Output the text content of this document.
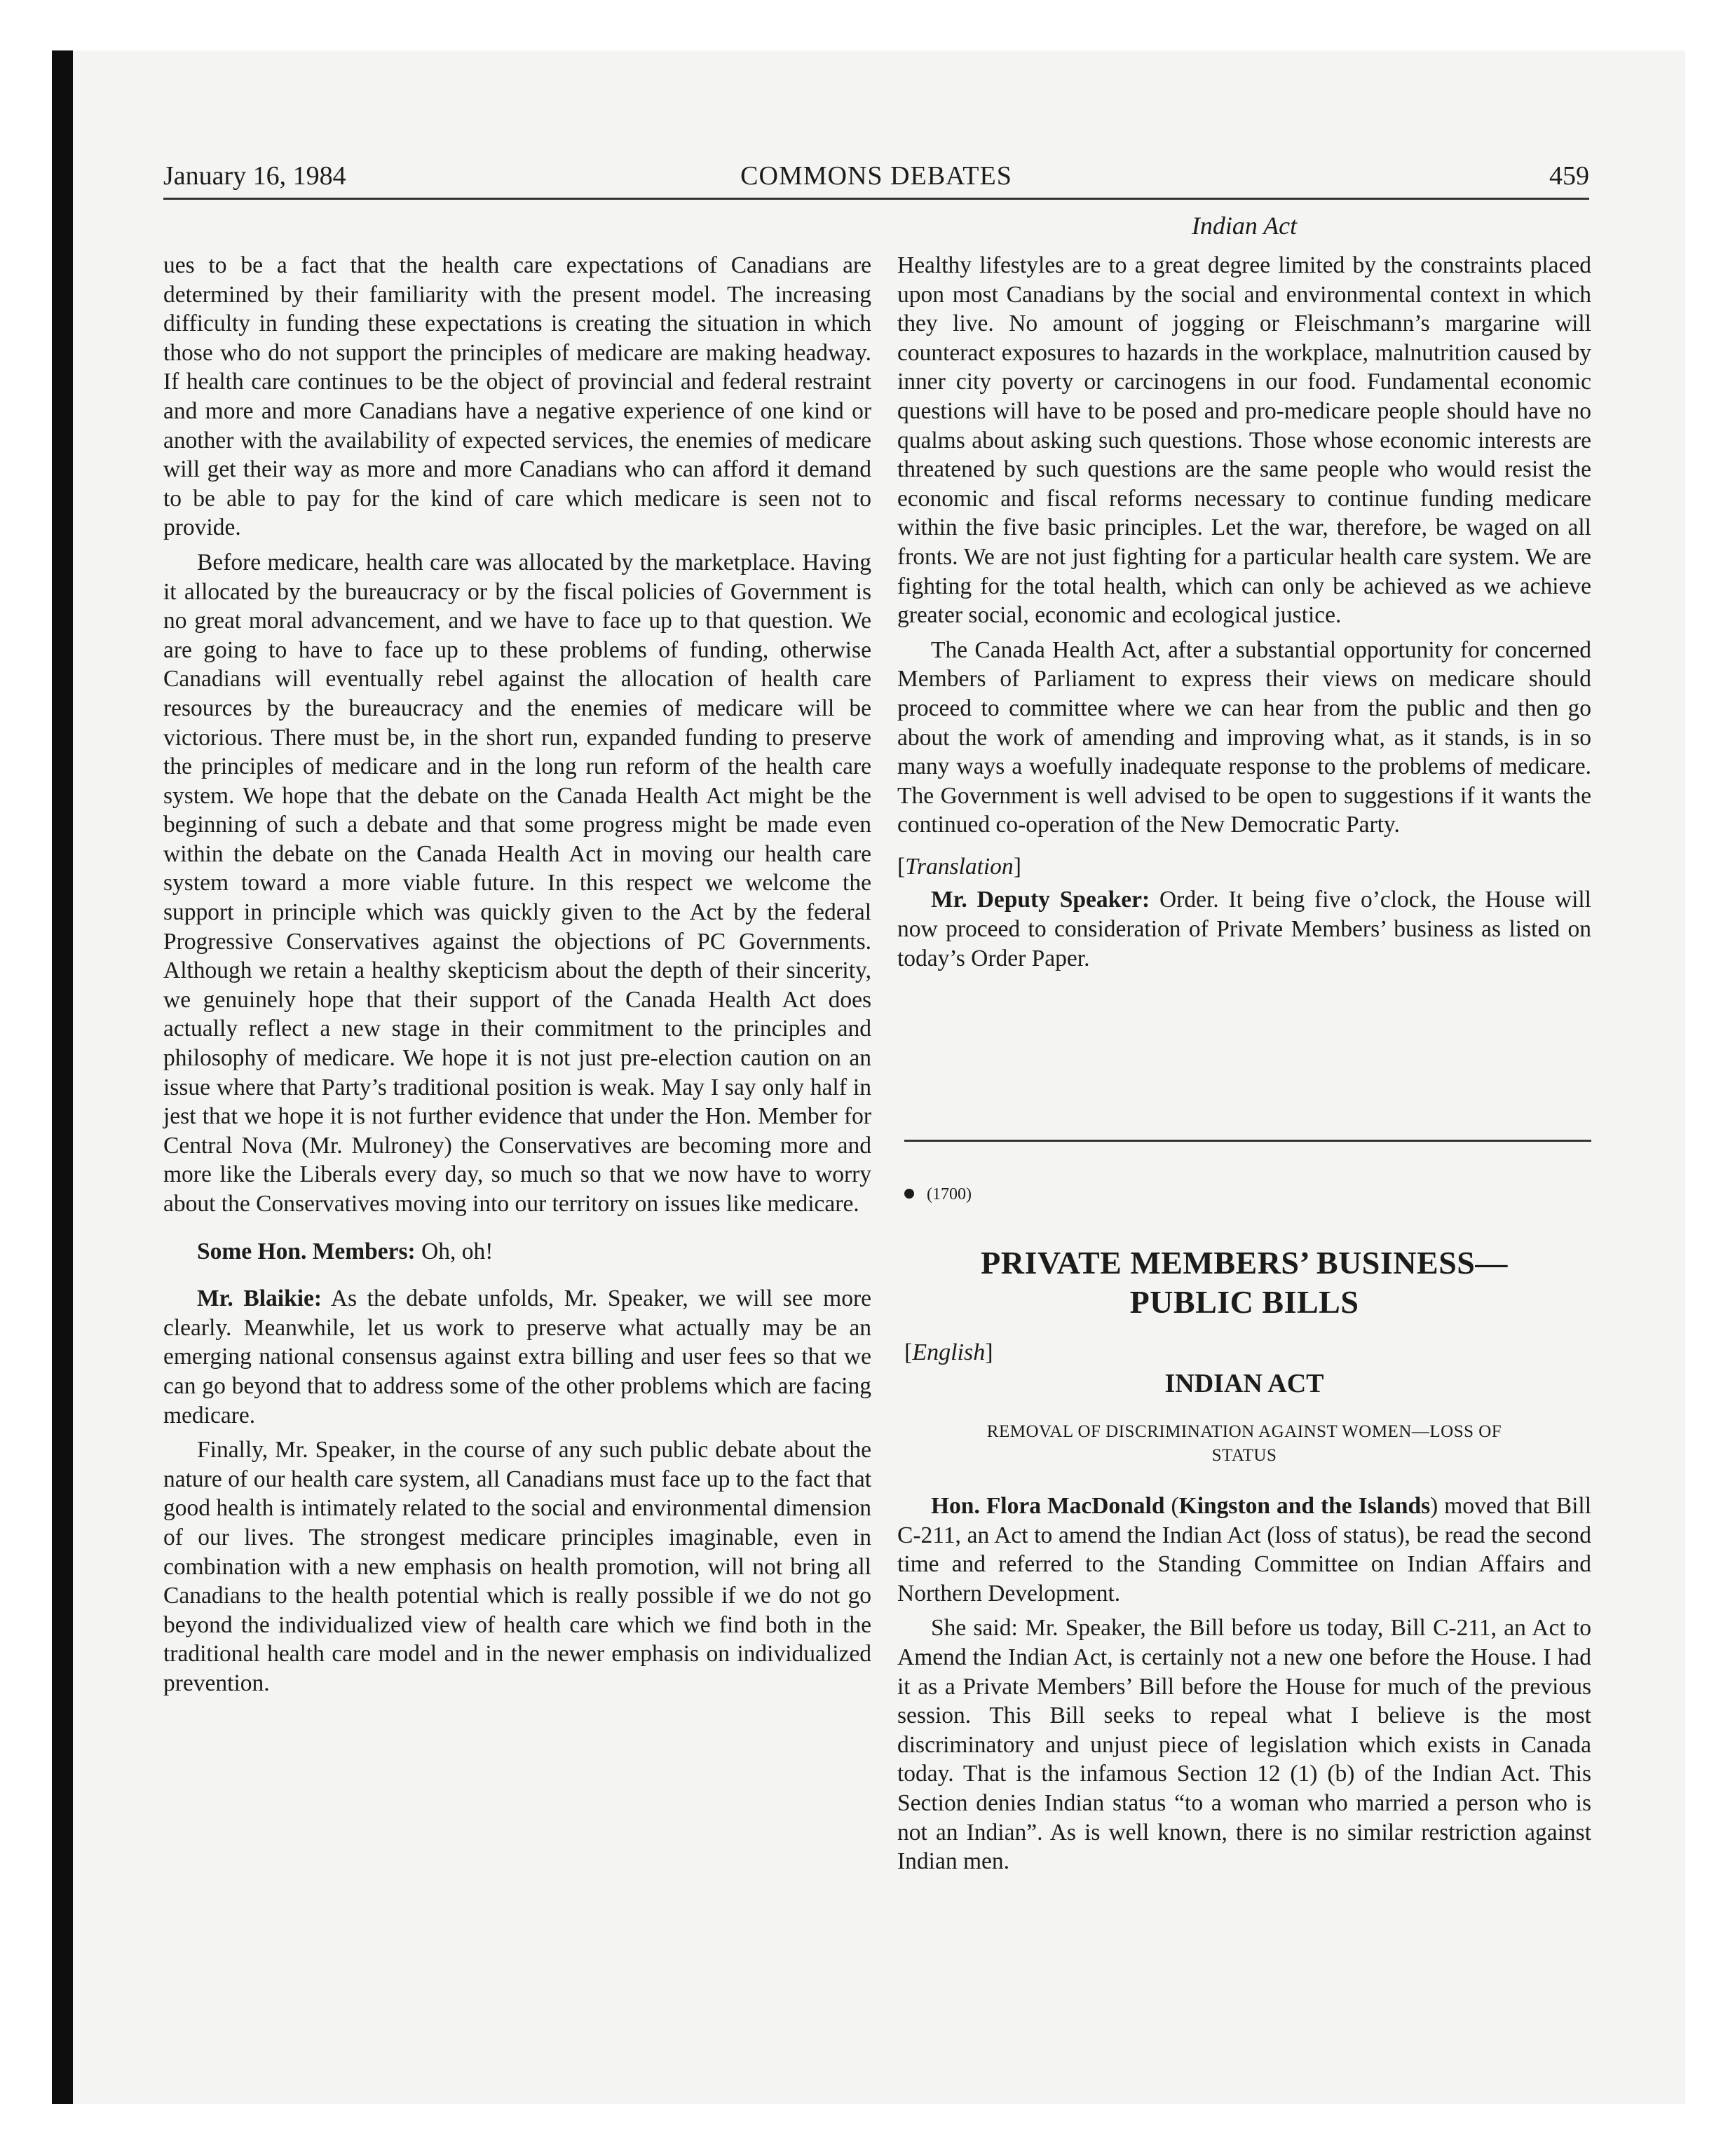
January 16, 1984	COMMONS DEBATES	459
Indian Act

ues to be a fact that the health care expectations of Canadians are determined by their familiarity with the present model. The increasing difficulty in funding these expectations is creating the situation in which those who do not support the principles of medicare are making headway. If health care continues to be the object of provincial and federal restraint and more and more Canadians have a negative experience of one kind or another with the availability of expected services, the enemies of medicare will get their way as more and more Canadians who can afford it demand to be able to pay for the kind of care which medicare is seen not to provide.

Before medicare, health care was allocated by the marketplace. Having it allocated by the bureaucracy or by the fiscal policies of Government is no great moral advancement, and we have to face up to that question. We are going to have to face up to these problems of funding, otherwise Canadians will eventually rebel against the allocation of health care resources by the bureaucracy and the enemies of medicare will be victorious. There must be, in the short run, expanded funding to preserve the principles of medicare and in the long run reform of the health care system. We hope that the debate on the Canada Health Act might be the beginning of such a debate and that some progress might be made even within the debate on the Canada Health Act in moving our health care system toward a more viable future. In this respect we welcome the support in principle which was quickly given to the Act by the federal Progressive Conservatives against the objections of PC Governments. Although we retain a healthy skepticism about the depth of their sincerity, we genuinely hope that their support of the Canada Health Act does actually reflect a new stage in their commitment to the principles and philosophy of medicare. We hope it is not just pre-election caution on an issue where that Party’s traditional position is weak. May I say only half in jest that we hope it is not further evidence that under the Hon. Member for Central Nova (Mr. Mulroney) the Conservatives are becoming more and more like the Liberals every day, so much so that we now have to worry about the Conservatives moving into our territory on issues like medicare.

Some Hon. Members: Oh, oh!

Mr. Blaikie: As the debate unfolds, Mr. Speaker, we will see more clearly. Meanwhile, let us work to preserve what actually may be an emerging national consensus against extra billing and user fees so that we can go beyond that to address some of the other problems which are facing medicare.

Finally, Mr. Speaker, in the course of any such public debate about the nature of our health care system, all Canadians must face up to the fact that good health is intimately related to the social and environmental dimension of our lives. The strongest medicare principles imaginable, even in combination with a new emphasis on health promotion, will not bring all Canadians to the health potential which is really possible if we do not go beyond the individualized view of health care which we find both in the traditional health care model and in the newer emphasis on individualized prevention.

Healthy lifestyles are to a great degree limited by the constraints placed upon most Canadians by the social and environmental context in which they live. No amount of jogging or Fleischmann’s margarine will counteract exposures to hazards in the workplace, malnutrition caused by inner city poverty or carcinogens in our food. Fundamental economic questions will have to be posed and pro-medicare people should have no qualms about asking such questions. Those whose economic interests are threatened by such questions are the same people who would resist the economic and fiscal reforms necessary to continue funding medicare within the five basic principles. Let the war, therefore, be waged on all fronts. We are not just fighting for a particular health care system. We are fighting for the total health, which can only be achieved as we achieve greater social, economic and ecological justice.

The Canada Health Act, after a substantial opportunity for concerned Members of Parliament to express their views on medicare should proceed to committee where we can hear from the public and then go about the work of amending and improving what, as it stands, is in so many ways a woefully inadequate response to the problems of medicare. The Government is well advised to be open to suggestions if it wants the continued co-operation of the New Democratic Party.

[Translation]

Mr. Deputy Speaker: Order. It being five o’clock, the House will now proceed to consideration of Private Members’ business as listed on today’s Order Paper.

(1700)
PRIVATE MEMBERS’ BUSINESS—
PUBLIC BILLS
[English]
INDIAN ACT
REMOVAL OF DISCRIMINATION AGAINST WOMEN—LOSS OF
STATUS

Hon. Flora MacDonald (Kingston and the Islands) moved that Bill C-211, an Act to amend the Indian Act (loss of status), be read the second time and referred to the Standing Committee on Indian Affairs and Northern Development.

She said: Mr. Speaker, the Bill before us today, Bill C-211, an Act to Amend the Indian Act, is certainly not a new one before the House. I had it as a Private Members’ Bill before the House for much of the previous session. This Bill seeks to repeal what I believe is the most discriminatory and unjust piece of legislation which exists in Canada today. That is the infamous Section 12 (1) (b) of the Indian Act. This Section denies Indian status “to a woman who married a person who is not an Indian”. As is well known, there is no similar restriction against Indian men.
